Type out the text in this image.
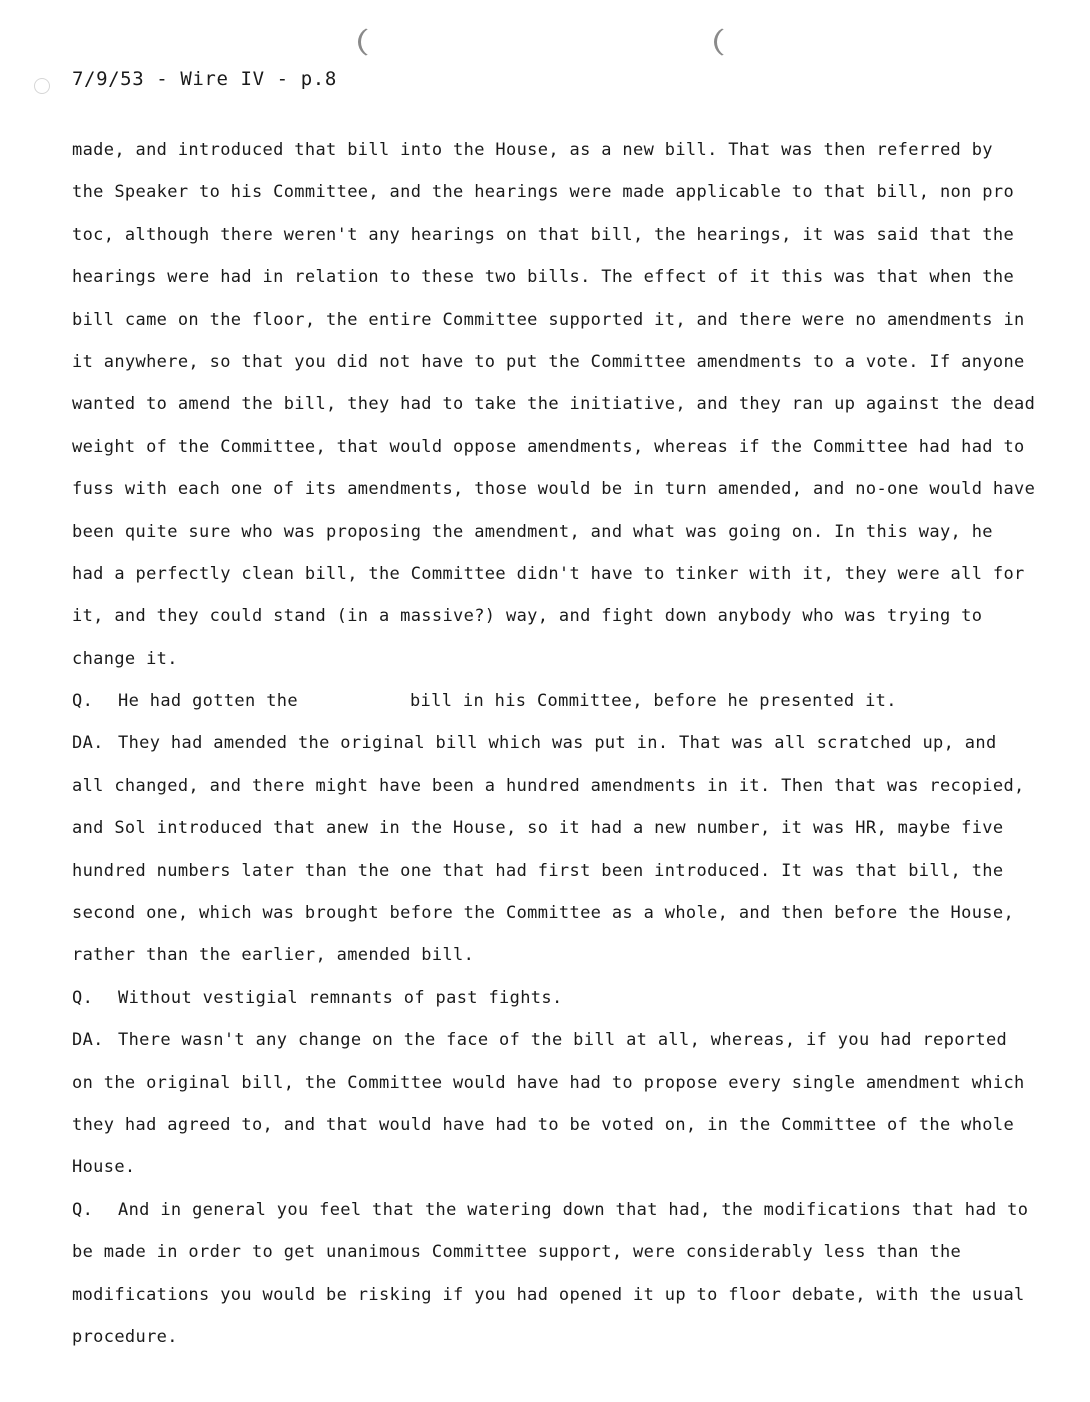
7/9/53 - Wire IV - p.8
made, and introduced that bill into the House, as a new bill. That was then referred by
the Speaker to his Committee, and the hearings were made applicable to that bill, non pro
toc, although there weren't any hearings on that bill, the hearings, it was said that the
hearings were had in relation to these two bills. The effect of it this was that when the
bill came on the floor, the entire Committee supported it, and there were no amendments in
it anywhere, so that you did not have to put the Committee amendments to a vote. If anyone
wanted to amend the bill, they had to take the initiative, and they ran up against the dead
weight of the Committee, that would oppose amendments, whereas if the Committee had had to
fuss with each one of its amendments, those would be in turn amended, and no-one would have
been quite sure who was proposing the amendment, and what was going on. In this way, he
had a perfectly clean bill, the Committee didn't have to tinker with it, they were all for
it, and they could stand (in a massive?) way, and fight down anybody who was trying to
change it.
Q. He had gotten the	bill in his Committee, before he presented it.
DA. They had amended the original bill which was put in. That was all scratched up, and
all changed, and there might have been a hundred amendments in it. Then that was recopied,
and Sol introduced that anew in the House, so it had a new number, it was HR, maybe five
hundred numbers later than the one that had first been introduced. It was that bill, the
second one, which was brought before the Committee as a whole, and then before the House,
rather than the earlier, amended bill.
Q. Without vestigial remnants of past fights.
DA. There wasn't any change on the face of the bill at all, whereas, if you had reported
on the original bill, the Committee would have had to propose every single amendment which
they had agreed to, and that would have had to be voted on, in the Committee of the whole
House.
Q. And in general you feel that the watering down that had, the modifications that had to
be made in order to get unanimous Committee support, were considerably less than the
modifications you would be risking if you had opened it up to floor debate, with the usual
procedure.
